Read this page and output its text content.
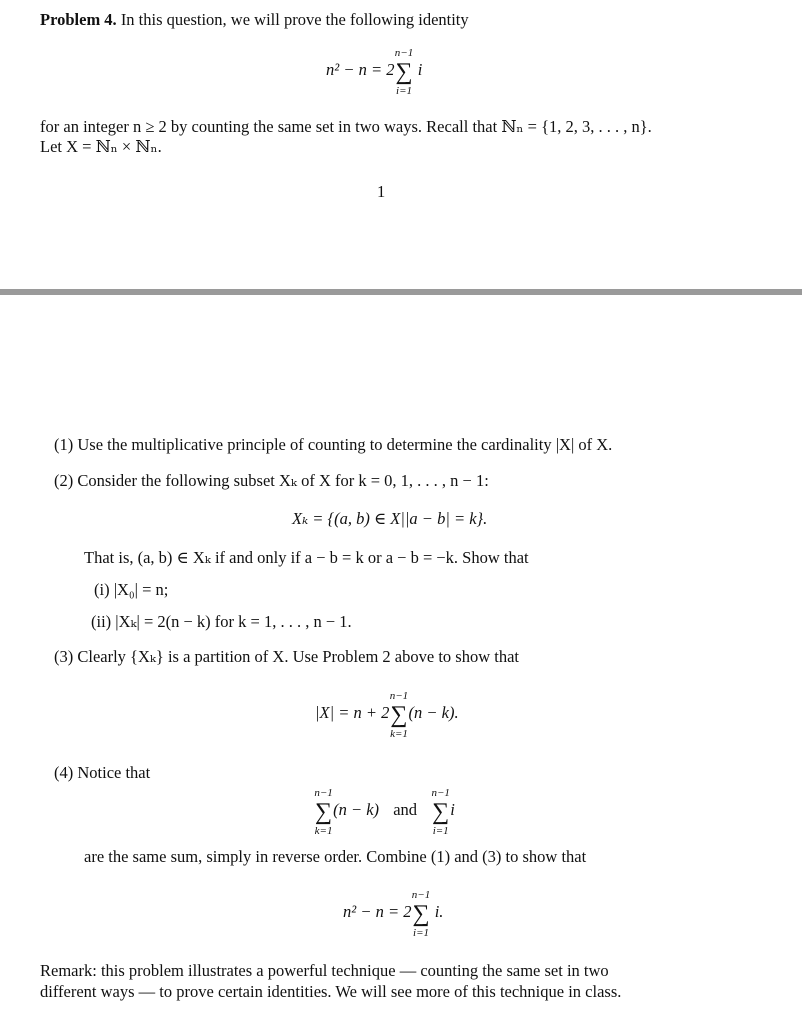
Problem 4. In this question, we will prove the following identity
n² − n = 2∑
n−1
i=1
i
for an integer n ≥ 2 by counting the same set in two ways. Recall that ℕₙ = {1, 2, 3, . . . , n}.
Let X = ℕₙ × ℕₙ.
1
(1) Use the multiplicative principle of counting to determine the cardinality |X| of X.
(2) Consider the following subset Xₖ of X for k = 0, 1, . . . , n − 1:
Xₖ = {(a, b) ∈ X||a − b| = k}.
That is, (a, b) ∈ Xₖ if and only if a − b = k or a − b = −k. Show that
(i) |X₀| = n;
(ii) |Xₖ| = 2(n − k) for k = 1, . . . , n − 1.
(3) Clearly {Xₖ} is a partition of X. Use Problem 2 above to show that
|X| = n + 2∑
n−1
k=1
(n − k).
(4) Notice that
∑
n−1
k=1
(n − k) and ∑
n−1
i=1
i
are the same sum, simply in reverse order. Combine (1) and (3) to show that
n² − n = 2∑
n−1
i=1
i.
Remark: this problem illustrates a powerful technique — counting the same set in two
different ways — to prove certain identities. We will see more of this technique in class.
